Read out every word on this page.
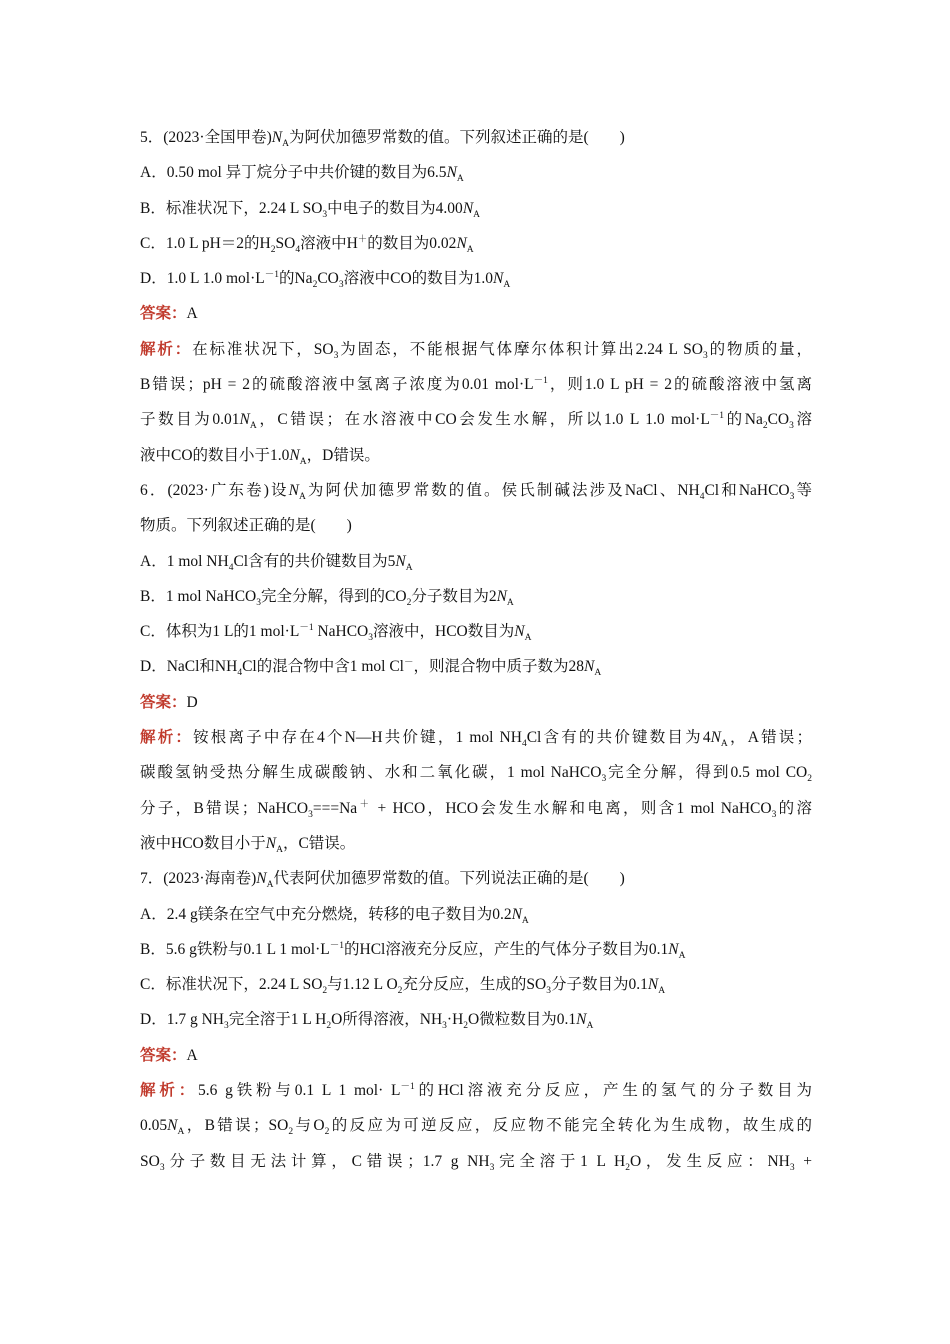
5．(2023·全国甲卷)$N_A$为阿伏加德罗常数的值。下列叙述正确的是(　　)
A．0.50 mol 异丁烷分子中共价键的数目为$6.5N_A$
B．标准状况下，2.24 L $SO_3$中电子的数目为$4.00N_A$
C．1.0 L pH＝2的$H_2SO_4$溶液中H＋的数目为$0.02N_A$
D．1.0 L 1.0 $mol\cdot L^{-1}$的$Na_2CO_3$溶液中CO的数目为$1.0N_A$
答案：A
解析：在标准状况下，$SO_3$为固态，不能根据气体摩尔体积计算出2.24 L $SO_3$的物质的量，
B错误；pH = 2的硫酸溶液中氢离子浓度为0.01 $mol\cdot L^{-1}$，则1.0 L pH = 2的硫酸溶液中氢离
子数目为$0.01N_A$，C错误；在水溶液中CO会发生水解，所以1.0 L 1.0 $mol\cdot L^{-1}$的$Na_2CO_3$溶
液中CO的数目小于$1.0N_A$，D错误。
6．(2023·广东卷)设$N_A$为阿伏加德罗常数的值。侯氏制碱法涉及NaCl、$NH_4Cl$和NaHCO$_3$等
物质。下列叙述正确的是(　　)
A．1 mol $NH_4Cl$含有的共价键数目为$5N_A$
B．1 mol NaHCO$_3$完全分解，得到的$CO_2$分子数目为$2N_A$
C．体积为1 L的1 $mol\cdot L^{-1}$ NaHCO$_3$溶液中，HCO数目为$N_A$
D．NaCl和$NH_4Cl$的混合物中含1 mol Cl－，则混合物中质子数为$28N_A$
答案：D
解析：铵根离子中存在4个N—H共价键，1 mol $NH_4Cl$含有的共价键数目为$4N_A$，A错误；
碳酸氢钠受热分解生成碳酸钠、水和二氧化碳，1 mol NaHCO$_3$完全分解，得到0.5 mol $CO_2$
分子，B错误；NaHCO$_3$===Na＋ + HCO，HCO会发生水解和电离，则含1 mol NaHCO$_3$的溶
液中HCO数目小于$N_A$，C错误。
7．(2023·海南卷)$N_A$代表阿伏加德罗常数的值。下列说法正确的是(　　)
A．2.4 g镁条在空气中充分燃烧，转移的电子数目为$0.2N_A$
B．5.6 g铁粉与0.1 L 1 $mol\cdot L^{-1}$的HCl溶液充分反应，产生的气体分子数目为$0.1N_A$
C．标准状况下，2.24 L $SO_2$与1.12 L $O_2$充分反应，生成的$SO_3$分子数目为$0.1N_A$
D．1.7 g $NH_3$完全溶于1 L $H_2O$所得溶液，$NH_3\cdot H_2O$微粒数目为$0.1N_A$
答案：A
解析：5.6 g铁粉与0.1 L 1 $mol\cdot L^{-1}$的HCl溶液充分反应，产生的氢气的分子数目为
$0.05N_A$，B错误；$SO_2$与$O_2$的反应为可逆反应，反应物不能完全转化为生成物，故生成的
$SO_3$分子数目无法计算，C错误；1.7 g $NH_3$完全溶于1 L $H_2O$，发生反应：$NH_3$ +
